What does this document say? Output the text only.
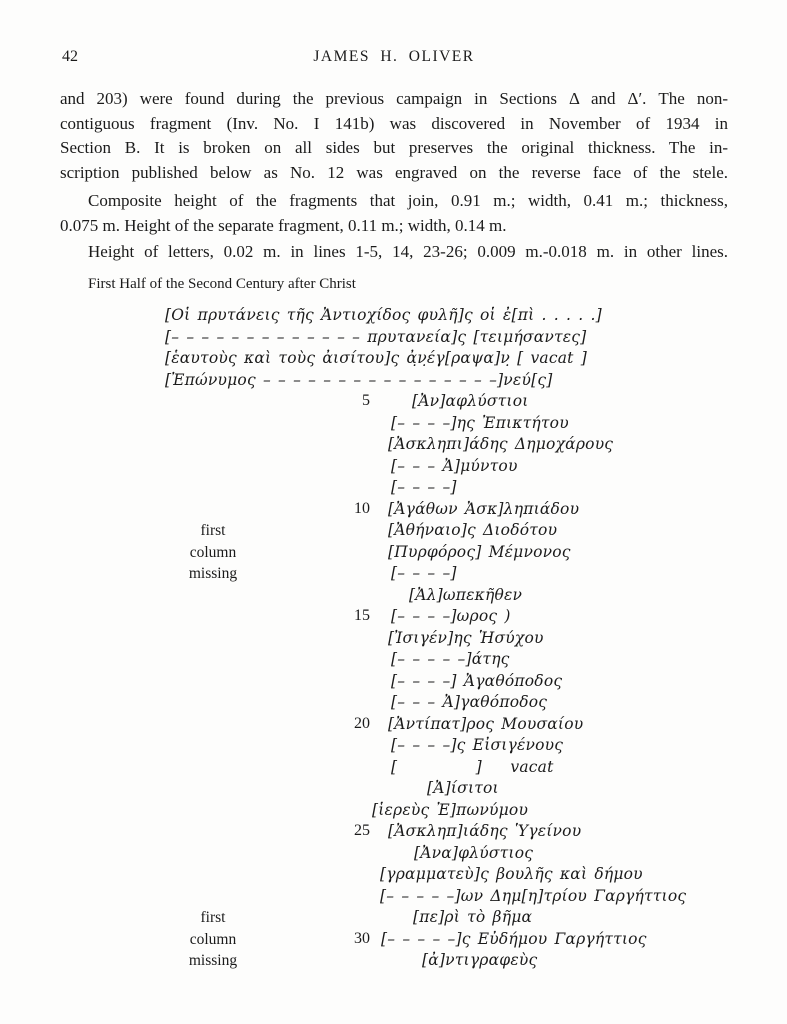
42	JAMES H. OLIVER

and 203) were found during the previous campaign in Sections Δ and Δ′. The non-
contiguous fragment (Inv. No. I 141b) was discovered in November of 1934 in
Section B. It is broken on all sides but preserves the original thickness. The in-
scription published below as No. 12 was engraved on the reverse face of the stele.

Composite height of the fragments that join, 0.91 m.; width, 0.41 m.; thickness,
0.075 m. Height of the separate fragment, 0.11 m.; width, 0.14 m.

Height of letters, 0.02 m. in lines 1-5, 14, 23-26; 0.009 m.-0.018 m. in other lines.

First Half of the Second Century after Christ
[Οἱ πρυτάνεις τῆς Ἀντιοχίδος φυλῆ]ς οἱ ἐ[πὶ . . . . .]
[– – – – – – – – – – – – – πρυτανεία]ς [τειμήσαντες]
[ἑαυτοὺς καὶ τοὺς ἀισίτου]ς ἀ̣ν̣έγ[ραψα]ν̣ [ vacat ]
[Ἐπώνυμος – – – – – – – – – – – – – – – –]νεύ[ς]
5	[Ἀν]αφλύστιοι
[– – – –]ης Ἐπικτήτου
[Ἀσκληπι]άδης Δημοχάρους
[– – – Ἀ]μύντου
[– – – –]
10 [Ἀγάθων Ἀσκ]ληπιάδου
first	[Ἀθήναιο]ς Διοδότου
column	[Πυρφόρος] Μέμνονος
missing	[– – – –]
[Ἀλ]ωπεκῆθεν
15 [– – – –]ωρος )
[Ἰσιγέν]ης Ἡσύχου
[– – – – –]άτης
[– – – –] Ἀγαθόποδος
[– – – Ἀ]γαθόποδος
20 [Ἀντίπατ]ρος Μουσαίου
[– – – –]ς Εἰσιγένους
[           ]    vacat
[Ἀ]ίσιτοι
[ἱερεὺς Ἐ]πωνύμου
25 [Ἀσκληπ]ιάδης Ὑγείνου
[Ἀνα]φλύστιος
[γραμματεὺ]ς βουλῆς καὶ δήμου
[– – – – –]ων Δημ[η]τρίου Γαργήττιος
first	[πε]ρὶ τὸ βῆμα
column	30 [– – – – –]ς Εὐδήμου Γαργήττιος
missing	[ἀ]ντιγραφεὺς
